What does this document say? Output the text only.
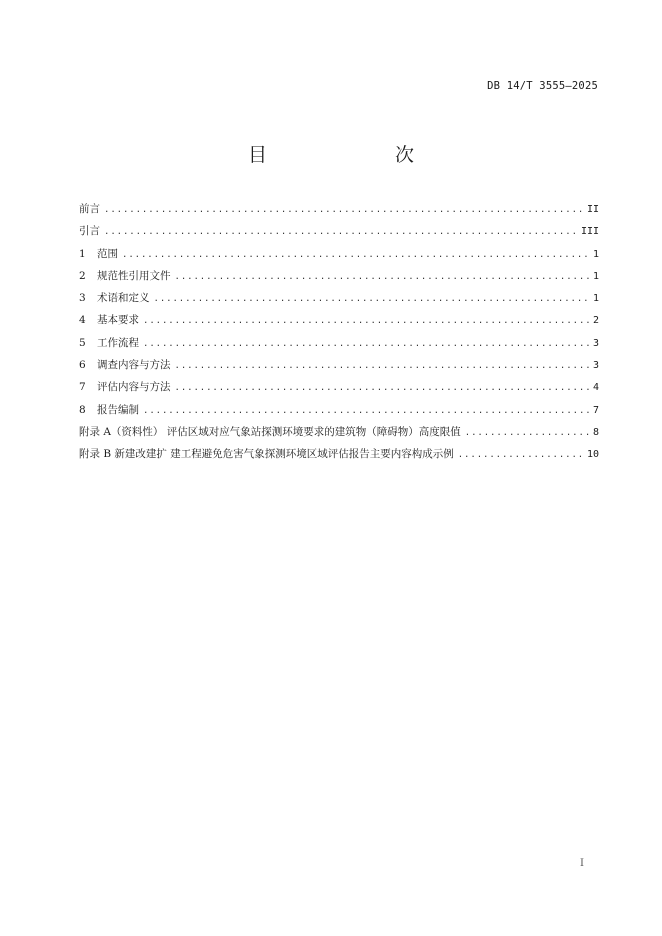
DB 14/T 3555—2025
目　　次
前言 .....	II
引言 .....	III
1	范围 .....	1
2	规范性引用文件 .....	1
3	术语和定义 .....	1
4	基本要求 .....	2
5	工作流程 .....	3
6	调查内容与方法 .....	3
7	评估内容与方法 .....	4
8	报告编制 .....	7
附录 A（资料性） 评估区域对应气象站探测环境要求的建筑物（障碍物）高度限值 .....	8
附录 B 新建改建扩 建工程避免危害气象探测环境区域评估报告主要内容构成示例 .....	10
I
